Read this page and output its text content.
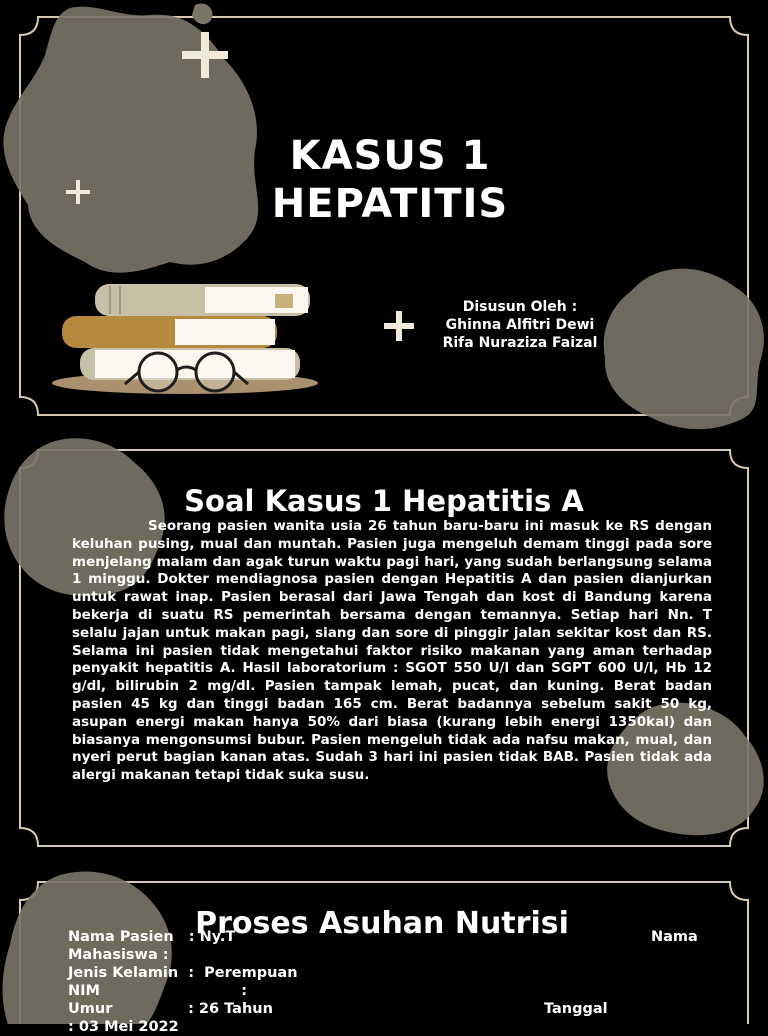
KASUS 1
HEPATITIS
Disusun Oleh :
Ghinna Alfitri Dewi
Rifa Nuraziza Faizal
Soal Kasus 1 Hepatitis A

Seorang pasien wanita usia 26 tahun baru-baru ini masuk ke RS dengan keluhan pusing, mual dan muntah. Pasien juga mengeluh demam tinggi pada sore menjelang malam dan agak turun waktu pagi hari, yang sudah berlangsung selama 1 minggu. Dokter mendiagnosa pasien dengan Hepatitis A dan pasien dianjurkan untuk rawat inap. Pasien berasal dari Jawa Tengah dan kost di Bandung karena bekerja di suatu RS pemerintah bersama dengan temannya. Setiap hari Nn. T selalu jajan untuk makan pagi, siang dan sore di pinggir jalan sekitar kost dan RS. Selama ini pasien tidak mengetahui faktor risiko makanan yang aman terhadap penyakit hepatitis A. Hasil laboratorium : SGOT 550 U/l dan SGPT 600 U/l, Hb 12 g/dl, bilirubin 2 mg/dl. Pasien tampak lemah, pucat, dan kuning. Berat badan pasien 45 kg dan tinggi badan 165 cm. Berat badannya sebelum sakit 50 kg, asupan energi makan hanya 50% dari biasa (kurang lebih energi 1350kal) dan biasanya mengonsumsi bubur. Pasien mengeluh tidak ada nafsu makan, mual, dan nyeri perut bagian kanan atas. Sudah 3 hari ini pasien tidak BAB. Pasien tidak ada alergi makanan tetapi tidak suka susu.

Proses Asuhan Nutrisi
Nama Pasien   : Ny.T	Nama
Mahasiswa :
Jenis Kelamin  :  Perempuan
NIM                            :
Umur               : 26 Tahun	Tanggal
: 03 Mei 2022
